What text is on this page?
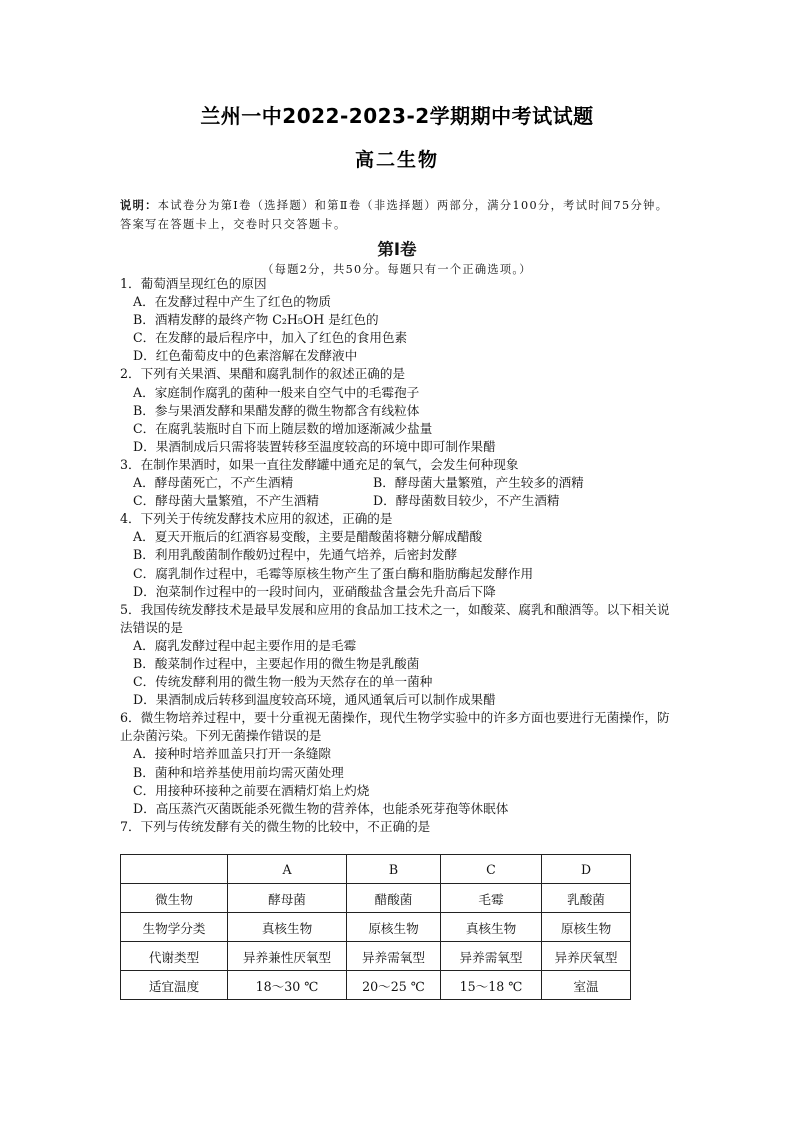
兰州一中2022-2023-2学期期中考试试题
高二生物
说明：本试卷分为第Ⅰ卷（选择题）和第Ⅱ卷（非选择题）两部分，满分100分，考试时间75分钟。答案写在答题卡上，交卷时只交答题卡。
第Ⅰ卷
（每题2分，共50分。每题只有一个正确选项。）
1．葡萄酒呈现红色的原因
A．在发酵过程中产生了红色的物质
B．酒精发酵的最终产物 C₂H₅OH 是红色的
C．在发酵的最后程序中，加入了红色的食用色素
D．红色葡萄皮中的色素溶解在发酵液中
2．下列有关果酒、果醋和腐乳制作的叙述正确的是
A．家庭制作腐乳的菌种一般来自空气中的毛霉孢子
B．参与果酒发酵和果醋发酵的微生物都含有线粒体
C．在腐乳装瓶时自下而上随层数的增加逐渐减少盐量
D．果酒制成后只需将装置转移至温度较高的环境中即可制作果醋
3．在制作果酒时，如果一直往发酵罐中通充足的氧气，会发生何种现象
A．酵母菌死亡，不产生酒精	B．酵母菌大量繁殖，产生较多的酒精
C．酵母菌大量繁殖，不产生酒精	D．酵母菌数目较少，不产生酒精
4．下列关于传统发酵技术应用的叙述，正确的是
A．夏天开瓶后的红酒容易变酸，主要是醋酸菌将糖分解成醋酸
B．利用乳酸菌制作酸奶过程中，先通气培养，后密封发酵
C．腐乳制作过程中，毛霉等原核生物产生了蛋白酶和脂肪酶起发酵作用
D．泡菜制作过程中的一段时间内，亚硝酸盐含量会先升高后下降
5．我国传统发酵技术是最早发展和应用的食品加工技术之一，如酸菜、腐乳和酿酒等。以下相关说法错误的是
A．腐乳发酵过程中起主要作用的是毛霉
B．酸菜制作过程中，主要起作用的微生物是乳酸菌
C．传统发酵利用的微生物一般为天然存在的单一菌种
D．果酒制成后转移到温度较高环境，通风通氧后可以制作成果醋
6．微生物培养过程中，要十分重视无菌操作，现代生物学实验中的许多方面也要进行无菌操作，防止杂菌污染。下列无菌操作错误的是
A．接种时培养皿盖只打开一条缝隙
B．菌种和培养基使用前均需灭菌处理
C．用接种环接种之前要在酒精灯焰上灼烧
D．高压蒸汽灭菌既能杀死微生物的营养体，也能杀死芽孢等休眠体
7．下列与传统发酵有关的微生物的比较中，不正确的是
	A	B	C	D
微生物	酵母菌	醋酸菌	毛霉	乳酸菌
生物学分类	真核生物	原核生物	真核生物	原核生物
代谢类型	异养兼性厌氧型	异养需氧型	异养需氧型	异养厌氧型
适宜温度	18～30 ℃	20～25 ℃	15～18 ℃	室温
